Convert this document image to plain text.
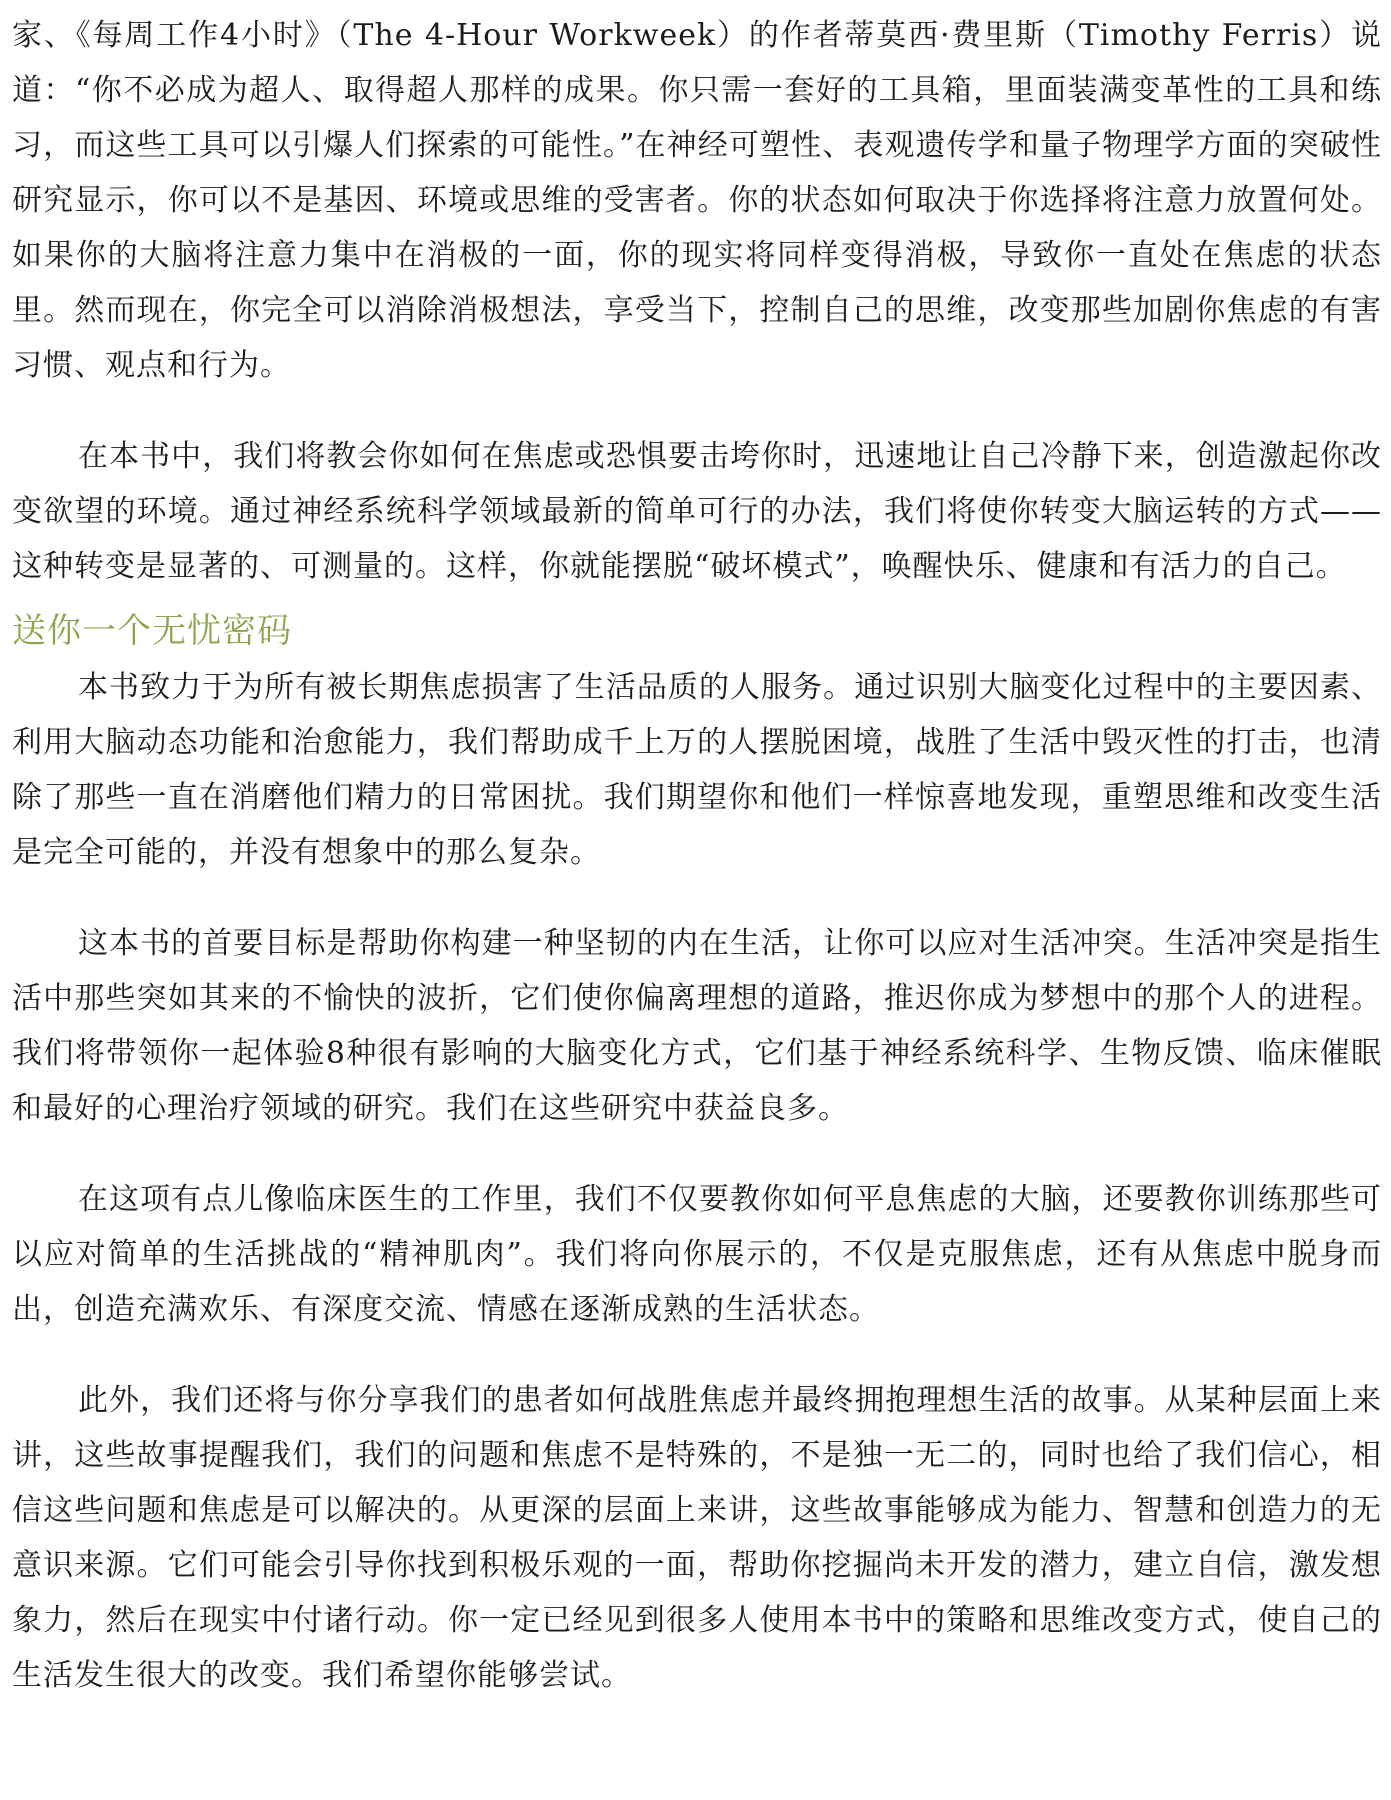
家、《每周工作4小时》（The 4-Hour Workweek）的作者蒂莫西·费里斯（Timothy Ferris）说道：“你不必成为超人、取得超人那样的成果。你只需一套好的工具箱，里面装满变革性的工具和练习，而这些工具可以引爆人们探索的可能性。”在神经可塑性、表观遗传学和量子物理学方面的突破性研究显示，你可以不是基因、环境或思维的受害者。你的状态如何取决于你选择将注意力放置何处。如果你的大脑将注意力集中在消极的一面，你的现实将同样变得消极，导致你一直处在焦虑的状态里。然而现在，你完全可以消除消极想法，享受当下，控制自己的思维，改变那些加剧你焦虑的有害习惯、观点和行为。

在本书中，我们将教会你如何在焦虑或恐惧要击垮你时，迅速地让自己冷静下来，创造激起你改变欲望的环境。通过神经系统科学领域最新的简单可行的办法，我们将使你转变大脑运转的方式——这种转变是显著的、可测量的。这样，你就能摆脱“破坏模式”，唤醒快乐、健康和有活力的自己。

送你一个无忧密码

本书致力于为所有被长期焦虑损害了生活品质的人服务。通过识别大脑变化过程中的主要因素、利用大脑动态功能和治愈能力，我们帮助成千上万的人摆脱困境，战胜了生活中毁灭性的打击，也清除了那些一直在消磨他们精力的日常困扰。我们期望你和他们一样惊喜地发现，重塑思维和改变生活是完全可能的，并没有想象中的那么复杂。

这本书的首要目标是帮助你构建一种坚韧的内在生活，让你可以应对生活冲突。生活冲突是指生活中那些突如其来的不愉快的波折，它们使你偏离理想的道路，推迟你成为梦想中的那个人的进程。我们将带领你一起体验8种很有影响的大脑变化方式，它们基于神经系统科学、生物反馈、临床催眠和最好的心理治疗领域的研究。我们在这些研究中获益良多。

在这项有点儿像临床医生的工作里，我们不仅要教你如何平息焦虑的大脑，还要教你训练那些可以应对简单的生活挑战的“精神肌肉”。我们将向你展示的，不仅是克服焦虑，还有从焦虑中脱身而出，创造充满欢乐、有深度交流、情感在逐渐成熟的生活状态。

此外，我们还将与你分享我们的患者如何战胜焦虑并最终拥抱理想生活的故事。从某种层面上来讲，这些故事提醒我们，我们的问题和焦虑不是特殊的，不是独一无二的，同时也给了我们信心，相信这些问题和焦虑是可以解决的。从更深的层面上来讲，这些故事能够成为能力、智慧和创造力的无意识来源。它们可能会引导你找到积极乐观的一面，帮助你挖掘尚未开发的潜力，建立自信，激发想象力，然后在现实中付诸行动。你一定已经见到很多人使用本书中的策略和思维改变方式，使自己的生活发生很大的改变。我们希望你能够尝试。
